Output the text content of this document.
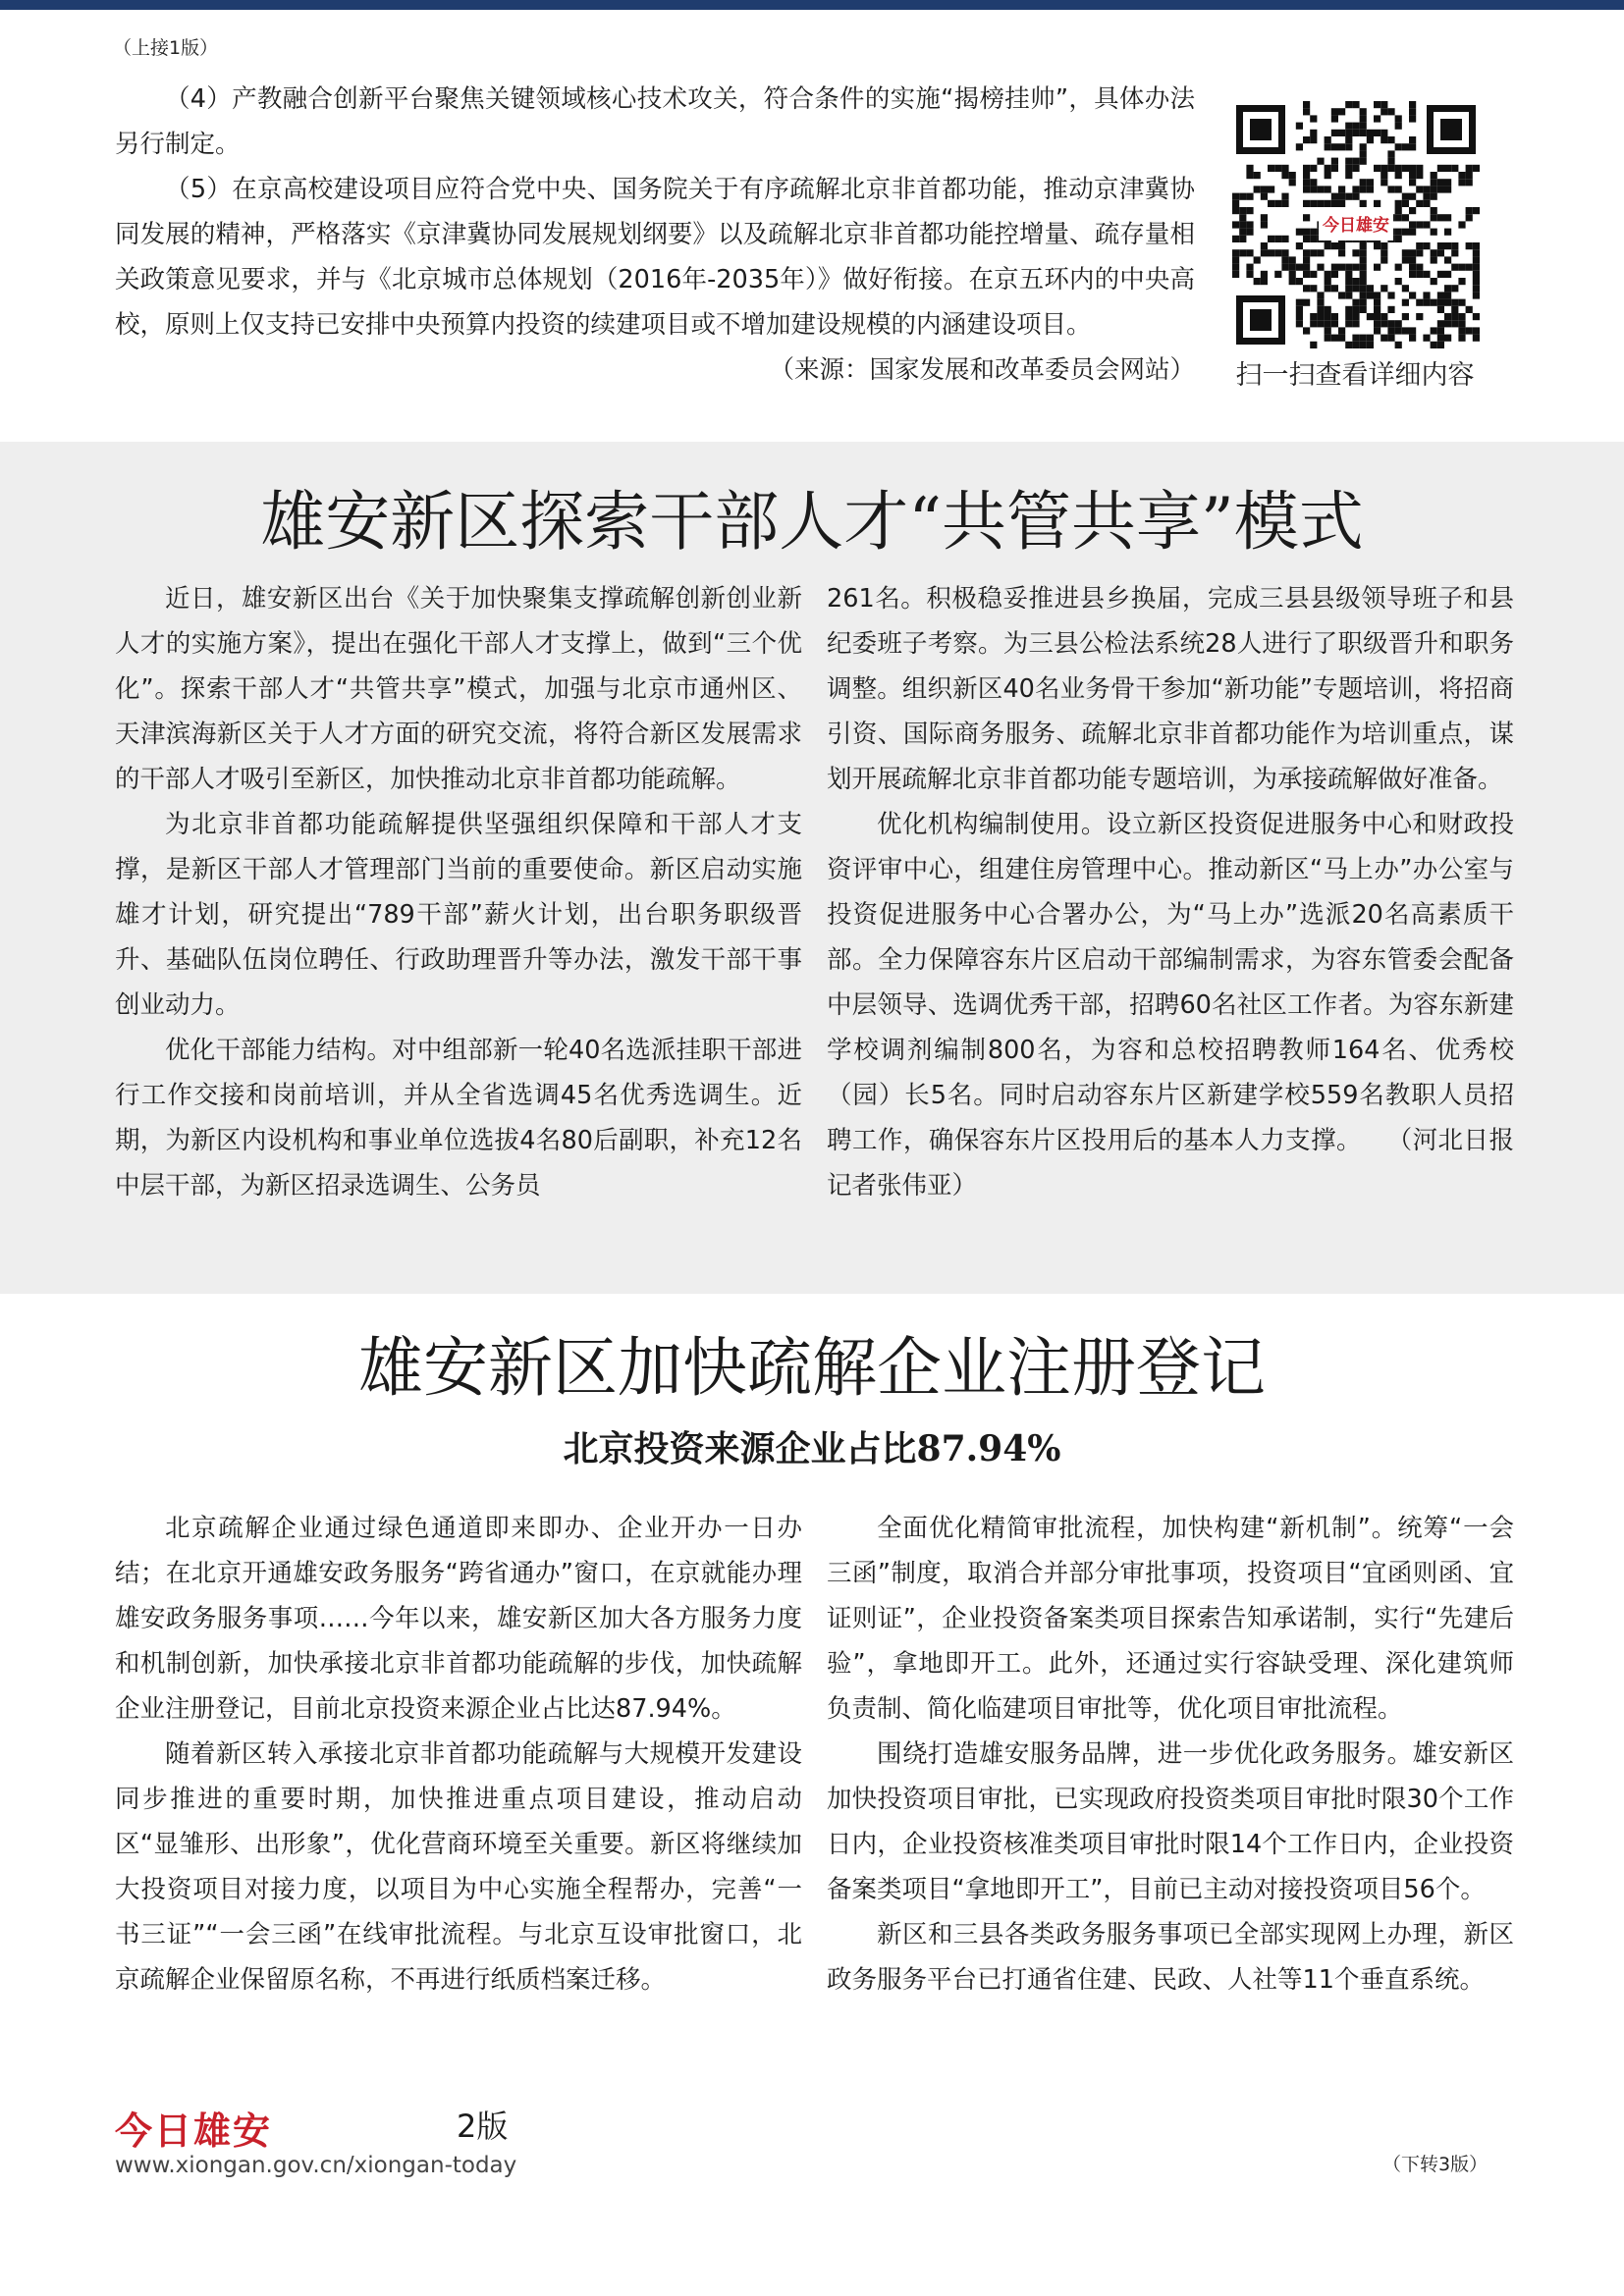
（上接1版）

（4）产教融合创新平台聚焦关键领域核心技术攻关，符合条件的实施“揭榜挂帅”，具体办法另行制定。

（5）在京高校建设项目应符合党中央、国务院关于有序疏解北京非首都功能，推动京津冀协同发展的精神，严格落实《京津冀协同发展规划纲要》以及疏解北京非首都功能控增量、疏存量相关政策意见要求，并与《北京城市总体规划（2016年-2035年）》做好衔接。在京五环内的中央高校，原则上仅支持已安排中央预算内投资的续建项目或不增加建设规模的内涵建设项目。
（来源：国家发展和改革委员会网站）

今日雄安
扫一扫查看详细内容
雄安新区探索干部人才“共管共享”模式

近日，雄安新区出台《关于加快聚集支撑疏解创新创业新人才的实施方案》，提出在强化干部人才支撑上，做到“三个优化”。探索干部人才“共管共享”模式，加强与北京市通州区、天津滨海新区关于人才方面的研究交流，将符合新区发展需求的干部人才吸引至新区，加快推动北京非首都功能疏解。

为北京非首都功能疏解提供坚强组织保障和干部人才支撑，是新区干部人才管理部门当前的重要使命。新区启动实施雄才计划，研究提出“789干部”薪火计划，出台职务职级晋升、基础队伍岗位聘任、行政助理晋升等办法，激发干部干事创业动力。

优化干部能力结构。对中组部新一轮40名选派挂职干部进行工作交接和岗前培训，并从全省选调45名优秀选调生。近期，为新区内设机构和事业单位选拔4名80后副职，补充12名中层干部，为新区招录选调生、公务员

261名。积极稳妥推进县乡换届，完成三县县级领导班子和县纪委班子考察。为三县公检法系统28人进行了职级晋升和职务调整。组织新区40名业务骨干参加“新功能”专题培训，将招商引资、国际商务服务、疏解北京非首都功能作为培训重点，谋划开展疏解北京非首都功能专题培训，为承接疏解做好准备。

优化机构编制使用。设立新区投资促进服务中心和财政投资评审中心，组建住房管理中心。推动新区“马上办”办公室与投资促进服务中心合署办公，为“马上办”选派20名高素质干部。全力保障容东片区启动干部编制需求，为容东管委会配备中层领导、选调优秀干部，招聘60名社区工作者。为容东新建学校调剂编制800名，为容和总校招聘教师164名、优秀校（园）长5名。同时启动容东片区新建学校559名教职人员招聘工作，确保容东片区投用后的基本人力支撑。 （河北日报 记者张伟亚）

雄安新区加快疏解企业注册登记
北京投资来源企业占比87.94%

北京疏解企业通过绿色通道即来即办、企业开办一日办结；在北京开通雄安政务服务“跨省通办”窗口，在京就能办理雄安政务服务事项……今年以来，雄安新区加大各方服务力度和机制创新，加快承接北京非首都功能疏解的步伐，加快疏解企业注册登记，目前北京投资来源企业占比达87.94%。

随着新区转入承接北京非首都功能疏解与大规模开发建设同步推进的重要时期，加快推进重点项目建设，推动启动区“显雏形、出形象”，优化营商环境至关重要。新区将继续加大投资项目对接力度，以项目为中心实施全程帮办，完善“一书三证”“一会三函”在线审批流程。与北京互设审批窗口，北京疏解企业保留原名称，不再进行纸质档案迁移。

全面优化精简审批流程，加快构建“新机制”。统筹“一会三函”制度，取消合并部分审批事项，投资项目“宜函则函、宜证则证”，企业投资备案类项目探索告知承诺制，实行“先建后验”，拿地即开工。此外，还通过实行容缺受理、深化建筑师负责制、简化临建项目审批等，优化项目审批流程。

围绕打造雄安服务品牌，进一步优化政务服务。雄安新区加快投资项目审批，已实现政府投资类项目审批时限30个工作日内，企业投资核准类项目审批时限14个工作日内，企业投资备案类项目“拿地即开工”，目前已主动对接投资项目56个。

新区和三县各类政务服务事项已全部实现网上办理，新区政务服务平台已打通省住建、民政、人社等11个垂直系统。

今日雄安	2版
www.xiongan.gov.cn/xiongan-today	（下转3版）
